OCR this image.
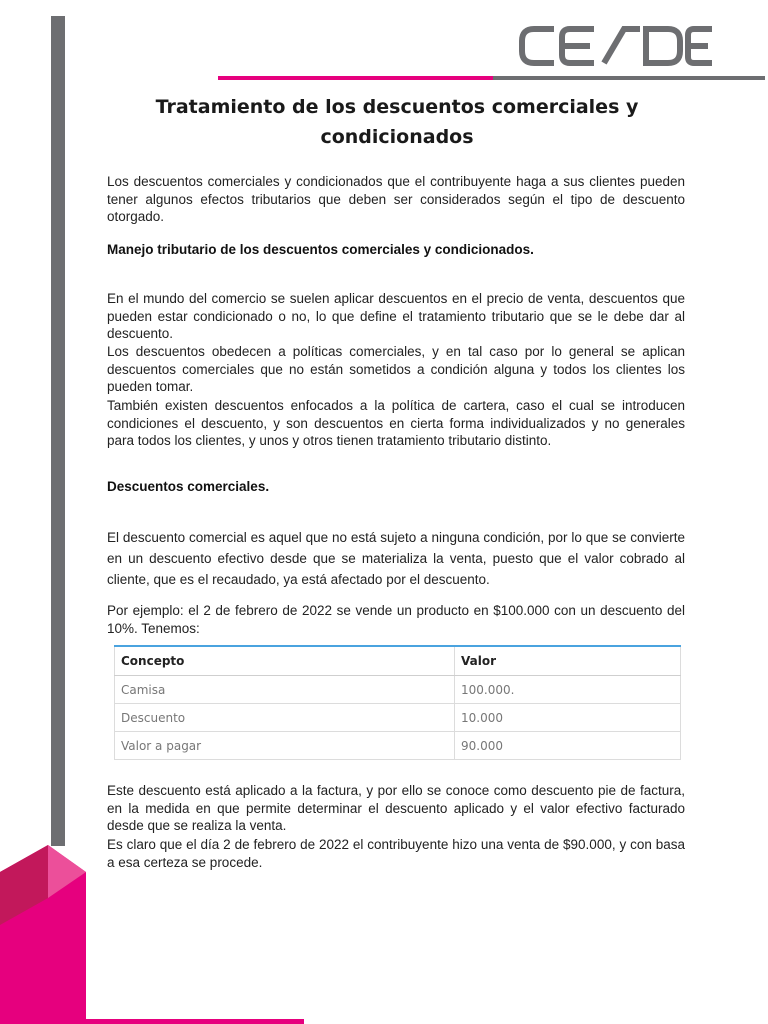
CESDE
Tratamiento de los descuentos comerciales y condicionados

Los descuentos comerciales y condicionados que el contribuyente haga a sus clientes pueden tener algunos efectos tributarios que deben ser considerados según el tipo de descuento otorgado.

Manejo tributario de los descuentos comerciales y condicionados.

En el mundo del comercio se suelen aplicar descuentos en el precio de venta, descuentos que pueden estar condicionado o no, lo que define el tratamiento tributario que se le debe dar al descuento.

Los descuentos obedecen a políticas comerciales, y en tal caso por lo general se aplican descuentos comerciales que no están sometidos a condición alguna y todos los clientes los pueden tomar.

También existen descuentos enfocados a la política de cartera, caso el cual se introducen condiciones el descuento, y son descuentos en cierta forma individualizados y no generales para todos los clientes, y unos y otros tienen tratamiento tributario distinto.

Descuentos comerciales.

El descuento comercial es aquel que no está sujeto a ninguna condición, por lo que se convierte en un descuento efectivo desde que se materializa la venta, puesto que el valor cobrado al cliente, que es el recaudado, ya está afectado por el descuento.

Por ejemplo: el 2 de febrero de 2022 se vende un producto en $100.000 con un descuento del 10%. Tenemos:

Concepto	Valor
Camisa	100.000.
Descuento	10.000
Valor a pagar	90.000

Este descuento está aplicado a la factura, y por ello se conoce como descuento pie de factura, en la medida en que permite determinar el descuento aplicado y el valor efectivo facturado desde que se realiza la venta.

Es claro que el día 2 de febrero de 2022 el contribuyente hizo una venta de $90.000, y con basa a esa certeza se procede.
